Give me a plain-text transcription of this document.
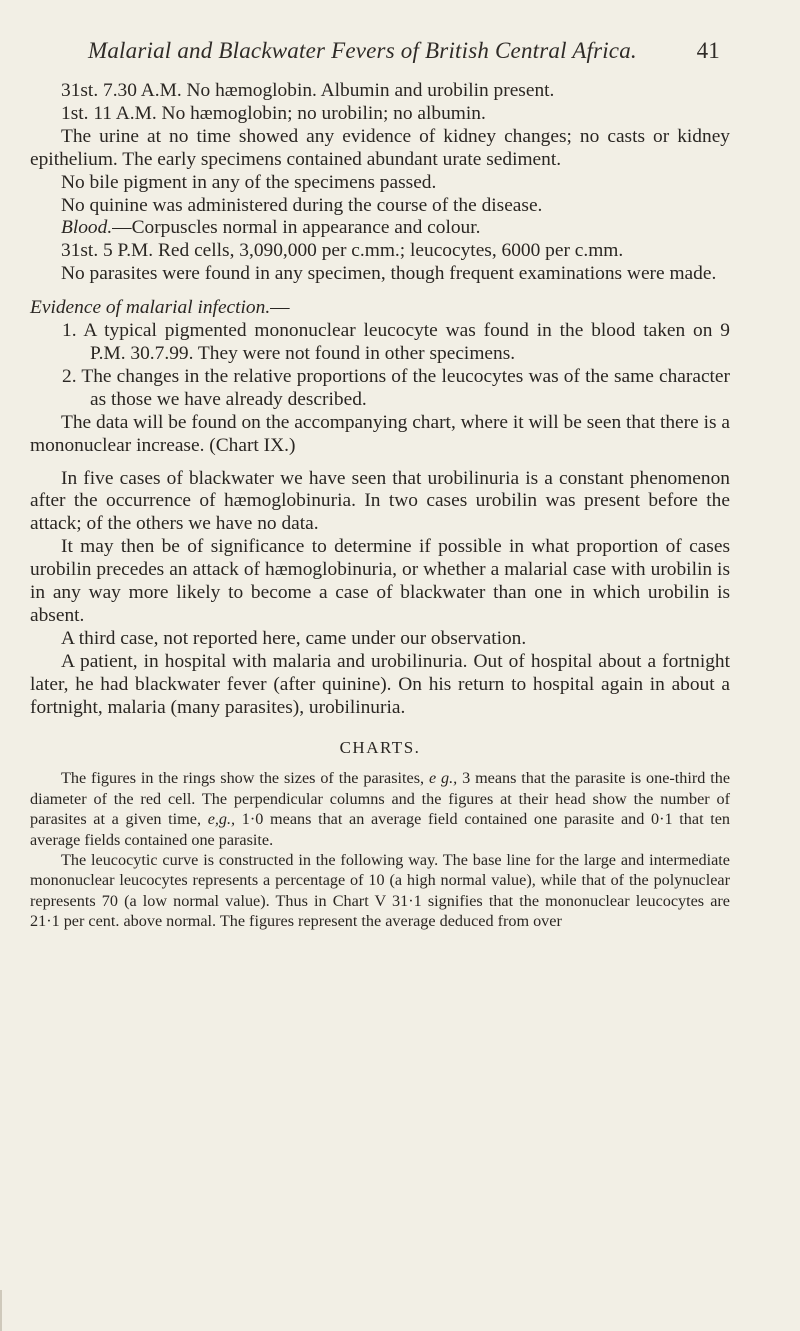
Malarial and Blackwater Fevers of British Central Africa.	41

31st. 7.30 A.M. No hæmoglobin. Albumin and urobilin present.

1st. 11 A.M. No hæmoglobin; no urobilin; no albumin.

The urine at no time showed any evidence of kidney changes; no casts or kidney epithelium. The early specimens contained abundant urate sediment.

No bile pigment in any of the specimens passed.

No quinine was administered during the course of the disease.

Blood.—Corpuscles normal in appearance and colour.

31st. 5 P.M. Red cells, 3,090,000 per c.mm.; leucocytes, 6000 per c.mm.

No parasites were found in any specimen, though frequent examinations were made.

Evidence of malarial infection.—

1. A typical pigmented mononuclear leucocyte was found in the blood taken on 9 P.M. 30.7.99. They were not found in other specimens.

2. The changes in the relative proportions of the leucocytes was of the same character as those we have already described.

The data will be found on the accompanying chart, where it will be seen that there is a mononuclear increase. (Chart IX.)

In five cases of blackwater we have seen that urobilinuria is a constant phenomenon after the occurrence of hæmoglobinuria. In two cases urobilin was present before the attack; of the others we have no data.

It may then be of significance to determine if possible in what proportion of cases urobilin precedes an attack of hæmoglobinuria, or whether a malarial case with urobilin is in any way more likely to become a case of blackwater than one in which urobilin is absent.

A third case, not reported here, came under our observation.

A patient, in hospital with malaria and urobilinuria. Out of hospital about a fortnight later, he had blackwater fever (after quinine). On his return to hospital again in about a fortnight, malaria (many parasites), urobilinuria.

CHARTS.

The figures in the rings show the sizes of the parasites, e g., 3 means that the parasite is one-third the diameter of the red cell. The perpendicular columns and the figures at their head show the number of parasites at a given time, e,g., 1·0 means that an average field contained one parasite and 0·1 that ten average fields contained one parasite.

The leucocytic curve is constructed in the following way. The base line for the large and intermediate mononuclear leucocytes represents a percentage of 10 (a high normal value), while that of the polynuclear represents 70 (a low normal value). Thus in Chart V 31·1 signifies that the mononuclear leucocytes are 21·1 per cent. above normal. The figures represent the average deduced from over
